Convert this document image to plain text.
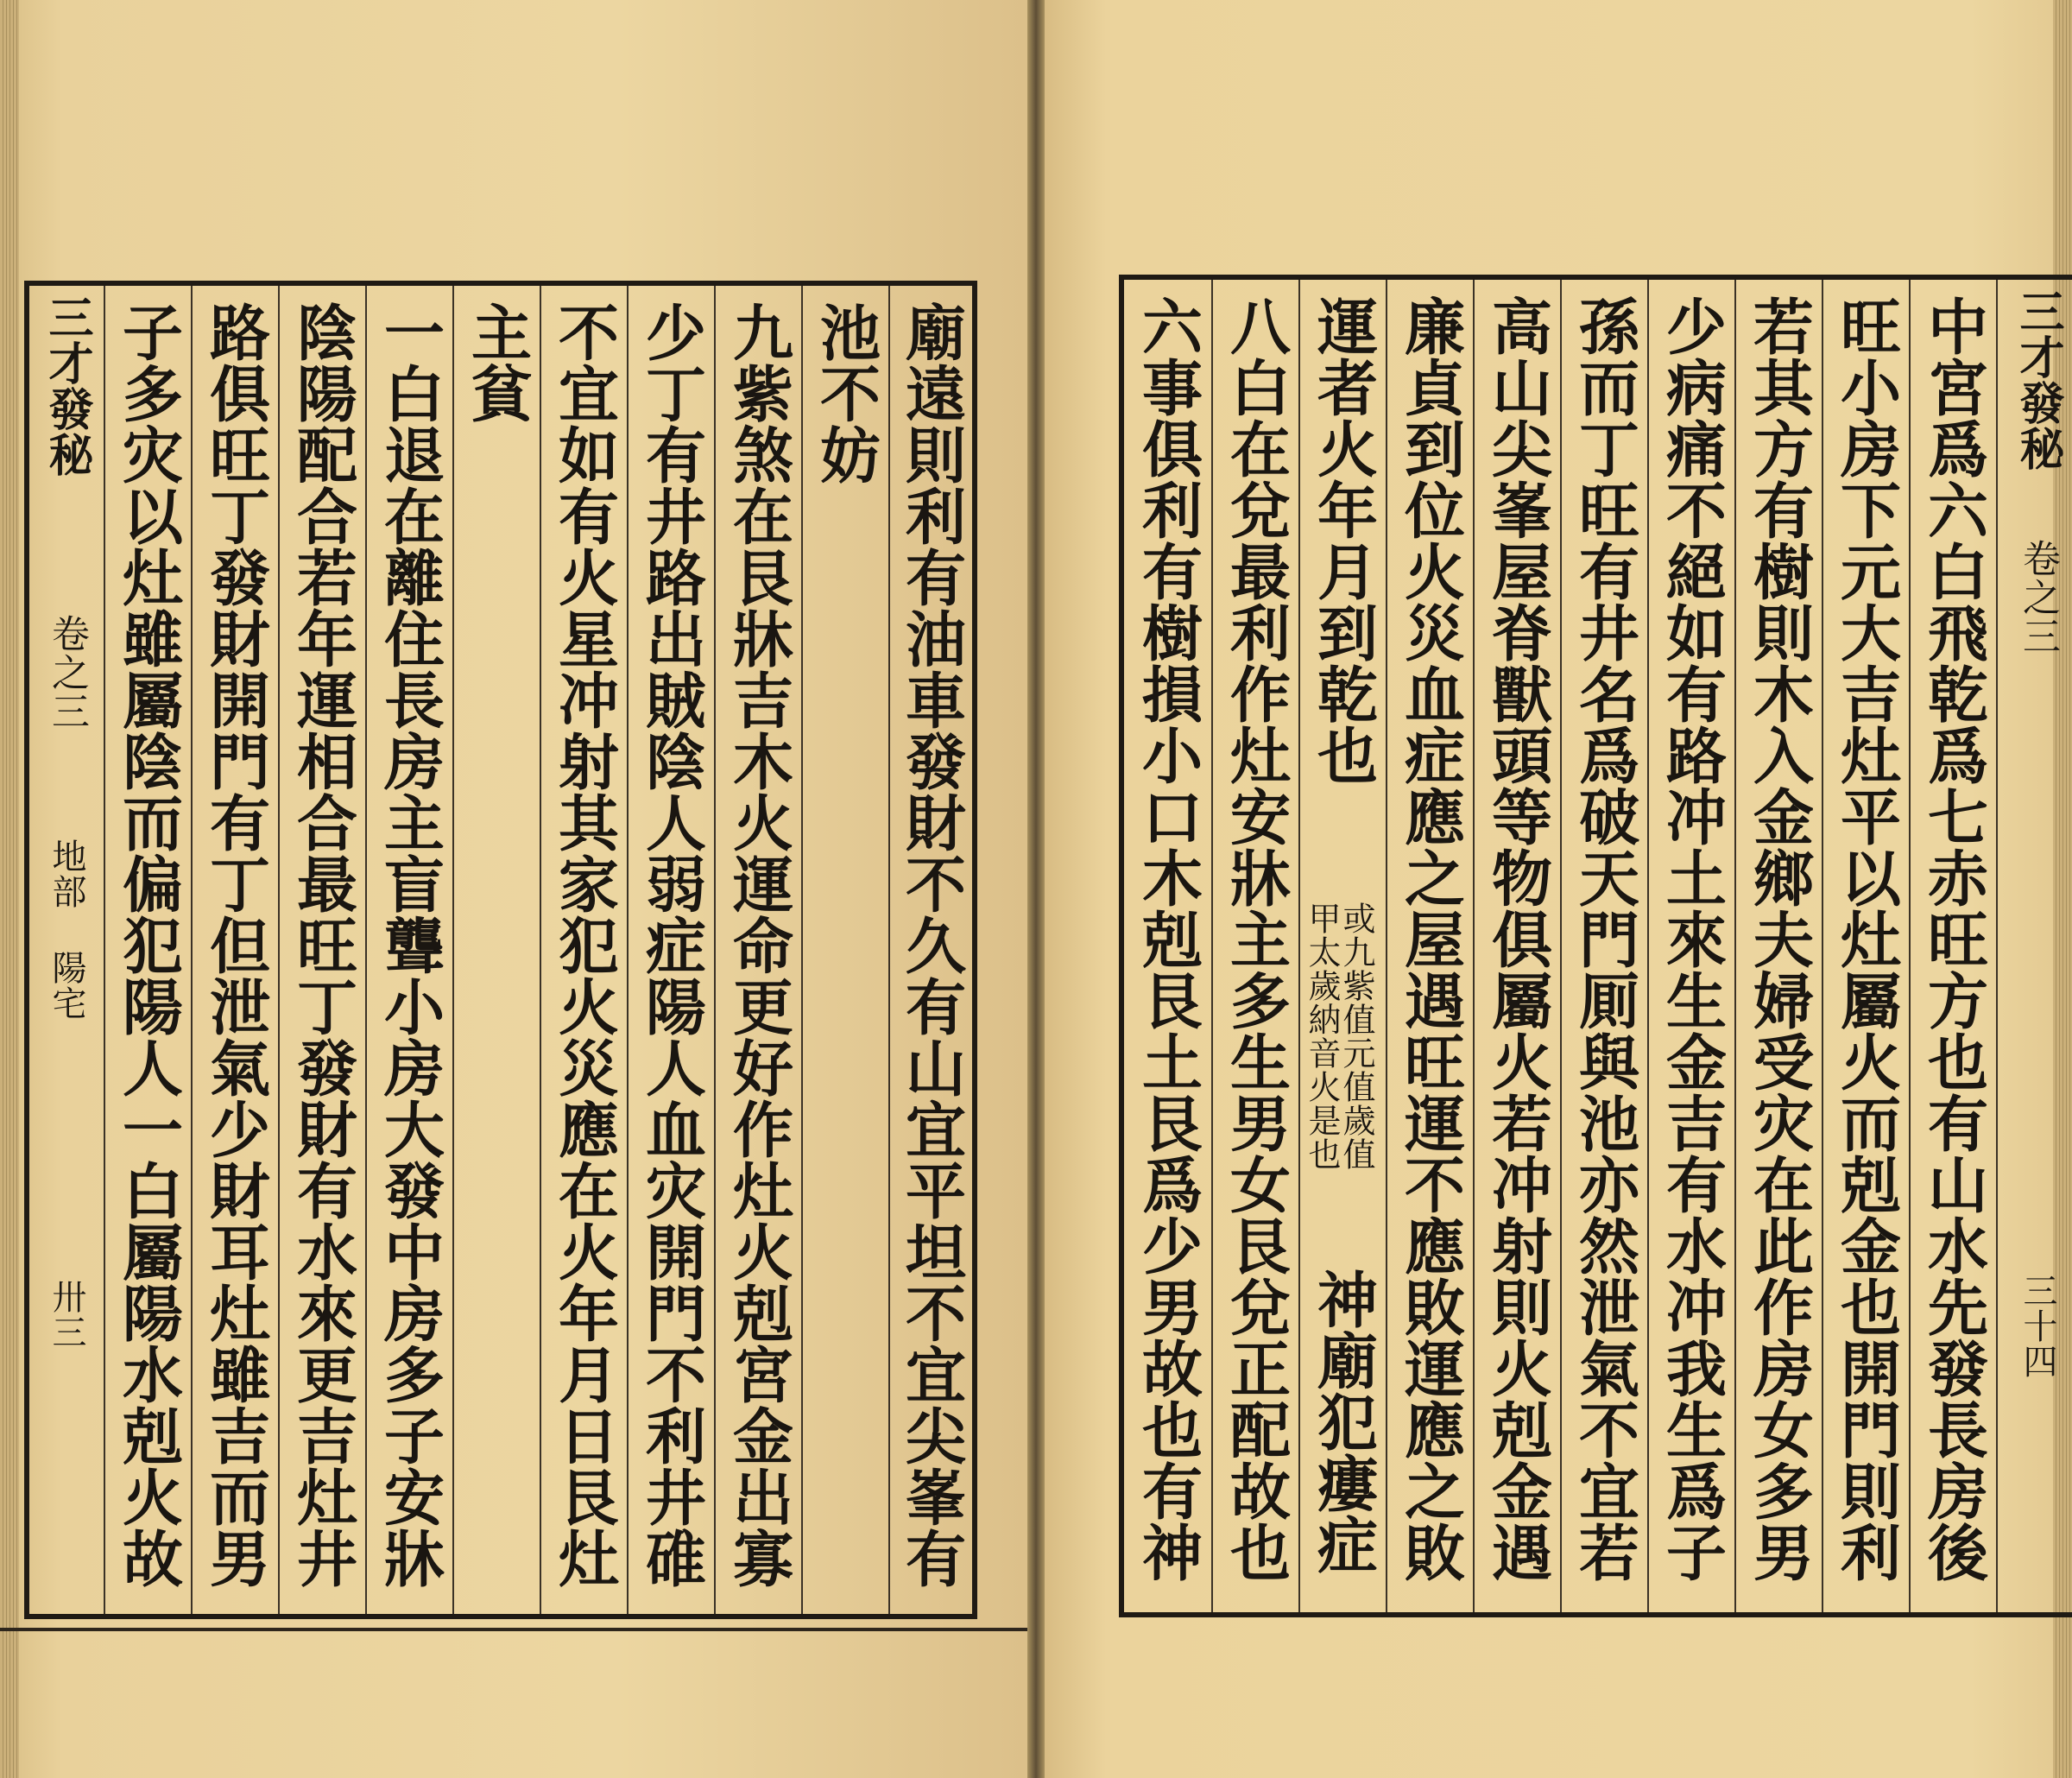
三才發秘
卷之三
地部 陽宅
卅三 子多灾以灶雖屬陰而偏犯陽人一白屬陽水剋火故 路俱旺丁發財開門有丁但泄氣少財耳灶雖吉而男 陰陽配合若年運相合最旺丁發財有水來更吉灶井 一白退在離住長房主盲聾小房大發中房多子安牀 主貧 不宜如有火星冲射其家犯火災應在火年月日艮灶 少丁有井路出賊陰人弱症陽人血灾開門不利井碓 九紫煞在艮牀吉木火運命更好作灶火剋宮金出寡 池不妨 廟遠則利有油車發財不久有山宜平坦不宜尖峯有	六事俱利有樹損小口木剋艮土艮爲少男故也有神 八白在兌最利作灶安牀主多生男女艮兌正配故也 運者火年月到乾也
或九紫值元值歲值
甲太歲納音火是也
神廟犯瘻症 廉貞到位火災血症應之屋遇旺運不應敗運應之敗 高山尖峯屋脊獸頭等物俱屬火若冲射則火剋金遇 孫而丁旺有井名爲破天門厠與池亦然泄氣不宜若 少病痛不絕如有路冲土來生金吉有水冲我生爲子 若其方有樹則木入金鄉夫婦受灾在此作房女多男 旺小房下元大吉灶平以灶屬火而剋金也開門則利 中宮爲六白飛乾爲七赤旺方也有山水先發長房後 三才發秘
卷之三
三十四
